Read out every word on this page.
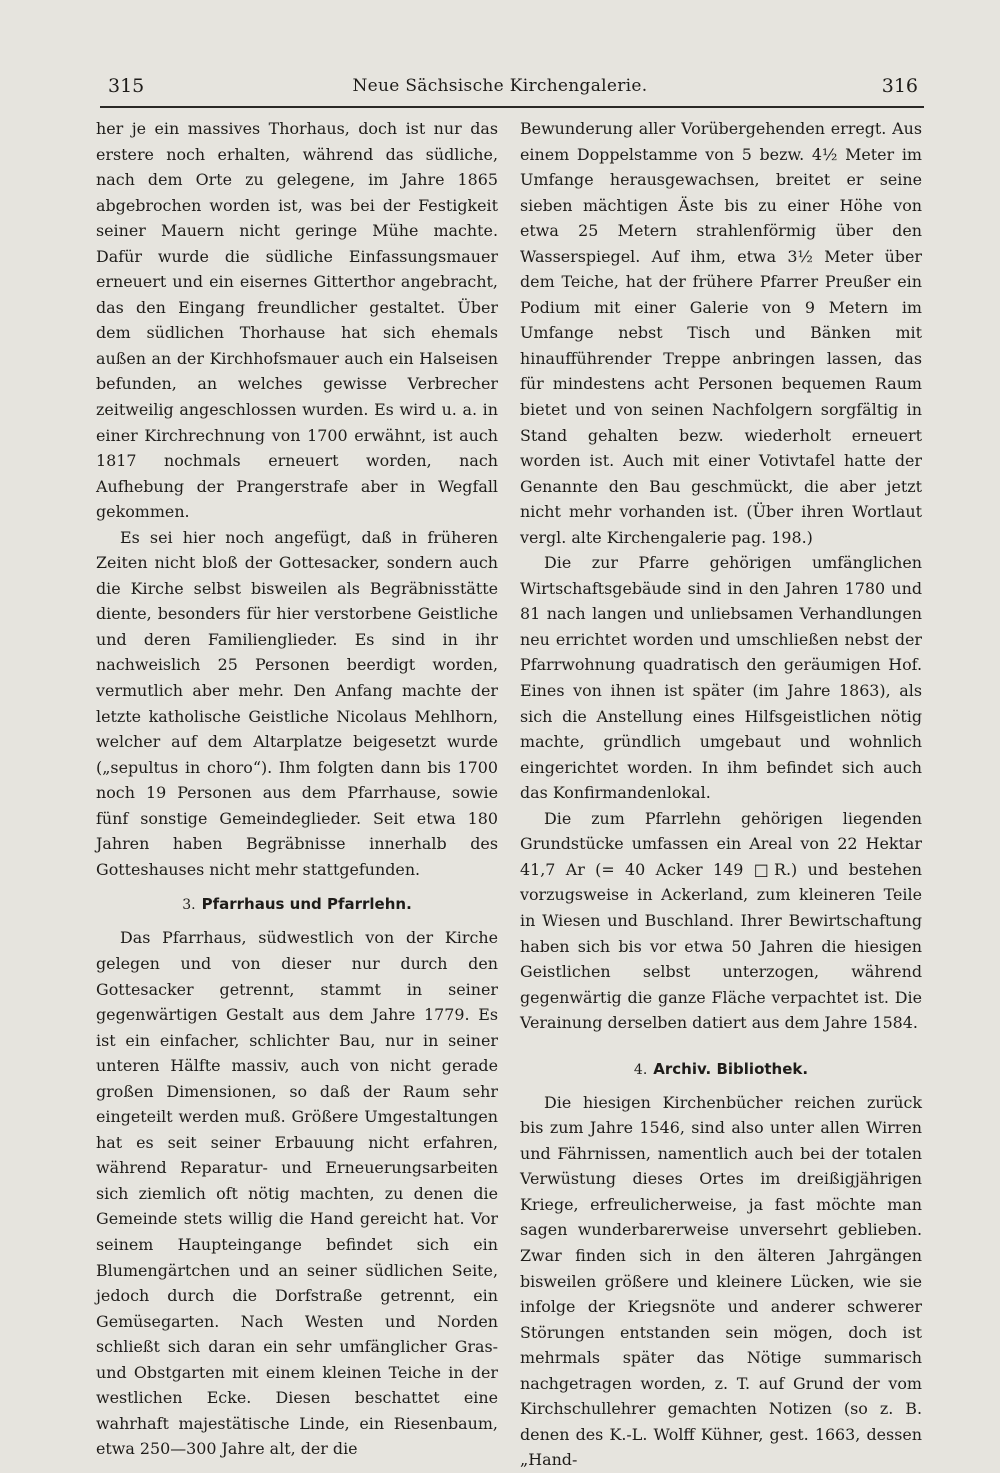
315	Neue Sächsische Kirchengalerie.	316

her je ein massives Thorhaus, doch ist nur das erstere noch erhalten, während das südliche, nach dem Orte zu gelegene, im Jahre 1865 abgebrochen worden ist, was bei der Festigkeit seiner Mauern nicht geringe Mühe machte. Dafür wurde die südliche Einfassungsmauer erneuert und ein eisernes Gitterthor angebracht, das den Eingang freundlicher gestaltet. Über dem südlichen Thorhause hat sich ehemals außen an der Kirchhofsmauer auch ein Halseisen befunden, an welches gewisse Verbrecher zeitweilig angeschlossen wurden. Es wird u. a. in einer Kirchrechnung von 1700 erwähnt, ist auch 1817 nochmals erneuert worden, nach Aufhebung der Prangerstrafe aber in Wegfall gekommen.

Es sei hier noch angefügt, daß in früheren Zeiten nicht bloß der Gottesacker, sondern auch die Kirche selbst bisweilen als Begräbnisstätte diente, besonders für hier verstorbene Geistliche und deren Familienglieder. Es sind in ihr nachweislich 25 Personen beerdigt worden, vermutlich aber mehr. Den Anfang machte der letzte katholische Geistliche Nicolaus Mehlhorn, welcher auf dem Altarplatze beigesetzt wurde („sepultus in choro“). Ihm folgten dann bis 1700 noch 19 Personen aus dem Pfarrhause, sowie fünf sonstige Gemeindeglieder. Seit etwa 180 Jahren haben Begräbnisse innerhalb des Gotteshauses nicht mehr stattgefunden.

3. Pfarrhaus und Pfarrlehn.

Das Pfarrhaus, südwestlich von der Kirche gelegen und von dieser nur durch den Gottesacker getrennt, stammt in seiner gegenwärtigen Gestalt aus dem Jahre 1779. Es ist ein einfacher, schlichter Bau, nur in seiner unteren Hälfte massiv, auch von nicht gerade großen Dimensionen, so daß der Raum sehr eingeteilt werden muß. Größere Umgestaltungen hat es seit seiner Erbauung nicht erfahren, während Reparatur- und Erneuerungsarbeiten sich ziemlich oft nötig machten, zu denen die Gemeinde stets willig die Hand gereicht hat. Vor seinem Haupteingange befindet sich ein Blumengärtchen und an seiner südlichen Seite, jedoch durch die Dorfstraße getrennt, ein Gemüsegarten. Nach Westen und Norden schließt sich daran ein sehr umfänglicher Gras- und Obstgarten mit einem kleinen Teiche in der westlichen Ecke. Diesen beschattet eine wahrhaft majestätische Linde, ein Riesenbaum, etwa 250—300 Jahre alt, der die

Bewunderung aller Vorübergehenden erregt. Aus einem Doppelstamme von 5 bezw. 4½ Meter im Umfange herausgewachsen, breitet er seine sieben mächtigen Äste bis zu einer Höhe von etwa 25 Metern strahlenförmig über den Wasserspiegel. Auf ihm, etwa 3½ Meter über dem Teiche, hat der frühere Pfarrer Preußer ein Podium mit einer Galerie von 9 Metern im Umfange nebst Tisch und Bänken mit hinaufführender Treppe anbringen lassen, das für mindestens acht Personen bequemen Raum bietet und von seinen Nachfolgern sorgfältig in Stand gehalten bezw. wiederholt erneuert worden ist. Auch mit einer Votivtafel hatte der Genannte den Bau geschmückt, die aber jetzt nicht mehr vorhanden ist. (Über ihren Wortlaut vergl. alte Kirchengalerie pag. 198.)

Die zur Pfarre gehörigen umfänglichen Wirtschaftsgebäude sind in den Jahren 1780 und 81 nach langen und unliebsamen Verhandlungen neu errichtet worden und umschließen nebst der Pfarrwohnung quadratisch den geräumigen Hof. Eines von ihnen ist später (im Jahre 1863), als sich die Anstellung eines Hilfsgeistlichen nötig machte, gründlich umgebaut und wohnlich eingerichtet worden. In ihm befindet sich auch das Konfirmandenlokal.

Die zum Pfarrlehn gehörigen liegenden Grundstücke umfassen ein Areal von 22 Hektar 41,7 Ar (= 40 Acker 149 □R.) und bestehen vorzugsweise in Ackerland, zum kleineren Teile in Wiesen und Buschland. Ihrer Bewirtschaftung haben sich bis vor etwa 50 Jahren die hiesigen Geistlichen selbst unterzogen, während gegenwärtig die ganze Fläche verpachtet ist. Die Verainung derselben datiert aus dem Jahre 1584.

4. Archiv. Bibliothek.

Die hiesigen Kirchenbücher reichen zurück bis zum Jahre 1546, sind also unter allen Wirren und Fährnissen, namentlich auch bei der totalen Verwüstung dieses Ortes im dreißigjährigen Kriege, erfreulicherweise, ja fast möchte man sagen wunderbarerweise unversehrt geblieben. Zwar finden sich in den älteren Jahrgängen bisweilen größere und kleinere Lücken, wie sie infolge der Kriegsnöte und anderer schwerer Störungen entstanden sein mögen, doch ist mehrmals später das Nötige summarisch nachgetragen worden, z. T. auf Grund der vom Kirchschullehrer gemachten Notizen (so z. B. denen des K.-L. Wolff Kühner, gest. 1663, dessen „Hand-
